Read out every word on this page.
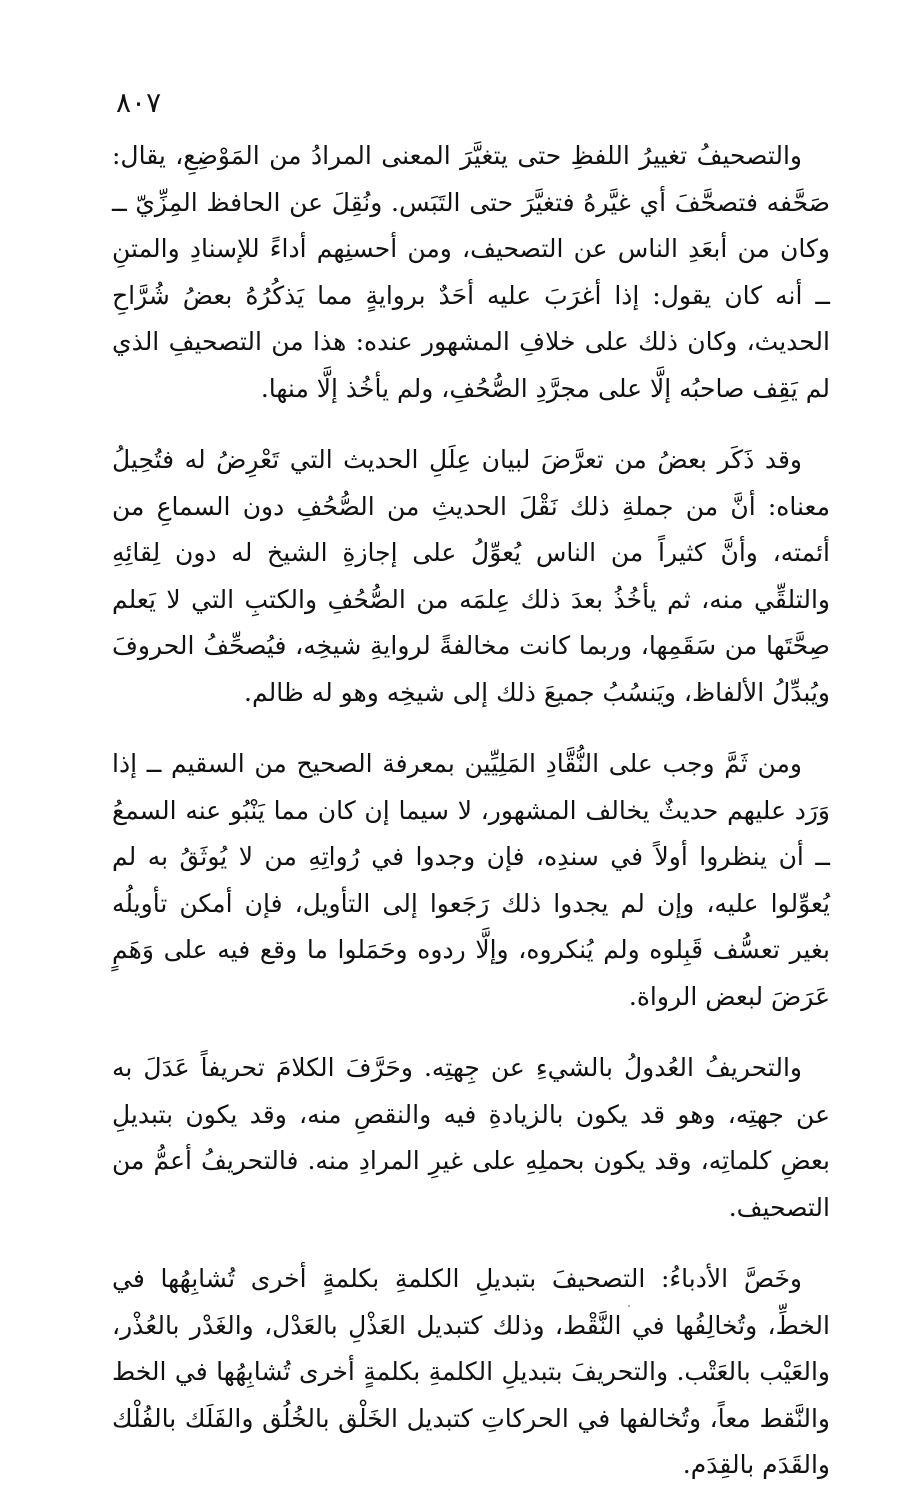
٨٠٧

والتصحيفُ تغييرُ اللفظِ حتى يتغيَّرَ المعنى المرادُ من المَوْضِعِ، يقال: صَحَّفه فتصحَّفَ أي غيَّرهُ فتغيَّرَ حتى التَبَس. ونُقِلَ عن الحافظ المِزِّيّ ــ وكان من أبعَدِ الناس عن التصحيف، ومن أحسنِهم أداءً للإسنادِ والمتنِ ــ أنه كان يقول: إذا أغرَبَ عليه أحَدٌ بروايةٍ مما يَذكُرُهُ بعضُ شُرَّاحِ الحديث، وكان ذلك على خلافِ المشهور عنده: هذا من التصحيفِ الذي لم يَقِف صاحبُه إلَّا على مجرَّدِ الصُّحُفِ، ولم يأخُذ إلَّا منها.

وقد ذَكَر بعضُ من تعرَّضَ لبيان عِلَلِ الحديث التي تَعْرِضُ له فتُحِيلُ معناه: أنَّ من جملةِ ذلك نَقْلَ الحديثِ من الصُّحُفِ دون السماعِ من أئمته، وأنَّ كثيراً من الناس يُعوِّلُ على إجازةِ الشيخ له دون لِقائِهِ والتلقِّي منه، ثم يأخُذُ بعدَ ذلك عِلمَه من الصُّحُفِ والكتبِ التي لا يَعلم صِحَّتَها من سَقَمِها، وربما كانت مخالفةً لروايةِ شيخِه، فيُصحِّفُ الحروفَ ويُبدِّلُ الألفاظ، ويَنسُبُ جميعَ ذلك إلى شيخِه وهو له ظالم.

ومن ثَمَّ وجب على النُّقَّادِ المَلِيِّين بمعرفة الصحيح من السقيم ــ إذا وَرَد عليهم حديثٌ يخالف المشهور، لا سيما إن كان مما يَنْبُو عنه السمعُ ــ أن ينظروا أولاً في سندِه، فإن وجدوا في رُواتِهِ من لا يُوثَقُ به لم يُعوِّلوا عليه، وإن لم يجدوا ذلك رَجَعوا إلى التأويل، فإن أمكن تأويلُه بغير تعسُّف قَبِلوه ولم يُنكروه، وإلَّا ردوه وحَمَلوا ما وقع فيه على وَهَمٍ عَرَضَ لبعض الرواة.

والتحريفُ العُدولُ بالشيءِ عن جِهتِه. وحَرَّفَ الكلامَ تحريفاً عَدَلَ به عن جهتِه، وهو قد يكون بالزيادةِ فيه والنقصِ منه، وقد يكون بتبديلِ بعضِ كلماتِه، وقد يكون بحملِهِ على غيرِ المرادِ منه. فالتحريفُ أعمُّ من التصحيف.

وخَصَّ الأدباءُ: التصحيفَ بتبديلِ الكلمةِ بكلمةٍ أخرى تُشابِهُها في الخطِّ، وتُخالِفُها في النَّقْط، وذلك كتبديل العَذْلِ بالعَدْل، والغَدْر بالعُذْر، والعَيْب بالعَتْب. والتحريفَ بتبديلِ الكلمةِ بكلمةٍ أخرى تُشابِهُها في الخط والنَّقط معاً، وتُخالفها في الحركاتِ كتبديل الخَلْق بالخُلُق والفَلَك بالفُلْك والقَدَم بالقِدَم.
